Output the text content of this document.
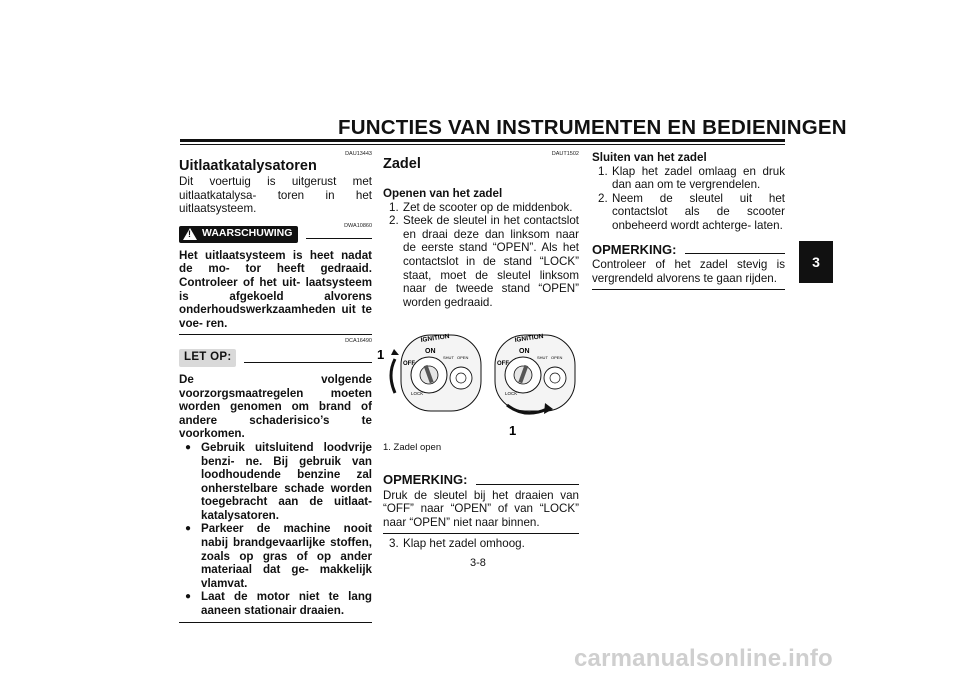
FUNCTIES VAN INSTRUMENTEN EN BEDIENINGEN
3
DAU13443
Uitlaatkatalysatoren

Dit voertuig is uitgerust met uitlaatkatalysa- toren in het uitlaatsysteem.

DWA10860
! WAARSCHUWING

Het uitlaatsysteem is heet nadat de mo- tor heeft gedraaid. Controleer of het uit- laatsysteem is afgekoeld alvorens onderhoudswerkzaamheden uit te voe- ren.

DCA16490
LET OP:

De volgende voorzorgsmaatregelen moeten worden genomen om brand of andere schaderisico’s te voorkomen.

● Gebruik uitsluitend loodvrije benzi- ne. Bij gebruik van loodhoudende benzine zal onherstelbare schade worden toegebracht aan de uitlaat- katalysatoren.
● Parkeer de machine nooit nabij brandgevaarlijke stoffen, zoals op gras of op ander materiaal dat ge- makkelijk vlamvat.
● Laat de motor niet te lang aaneen stationair draaien.
DAUT1502
Zadel

Openen van het zadel

1. Zet de scooter op de middenbok.
2. Steek de sleutel in het contactslot en draai deze dan linksom naar de eerste stand “OPEN”. Als het contactslot in de stand “LOCK” staat, moet de sleutel linksom naar de tweede stand “OPEN” worden gedraaid.
IGNITION
ON
OFF
LOCK
SHUT OPEN
1
IGNITION
ON
OFF
LOCK
SHUT OPEN
1
1. Zadel open
OPMERKING:

Druk de sleutel bij het draaien van “OFF” naar “OPEN” of van “LOCK” naar “OPEN” niet naar binnen.

3. Klap het zadel omhoog.

Sluiten van het zadel

1. Klap het zadel omlaag en druk dan aan om te vergrendelen.
2. Neem de sleutel uit het contactslot als de scooter onbeheerd wordt achterge- laten.
OPMERKING:

Controleer of het zadel stevig is vergrendeld alvorens te gaan rijden.

3-8
carmanualsonline.info
